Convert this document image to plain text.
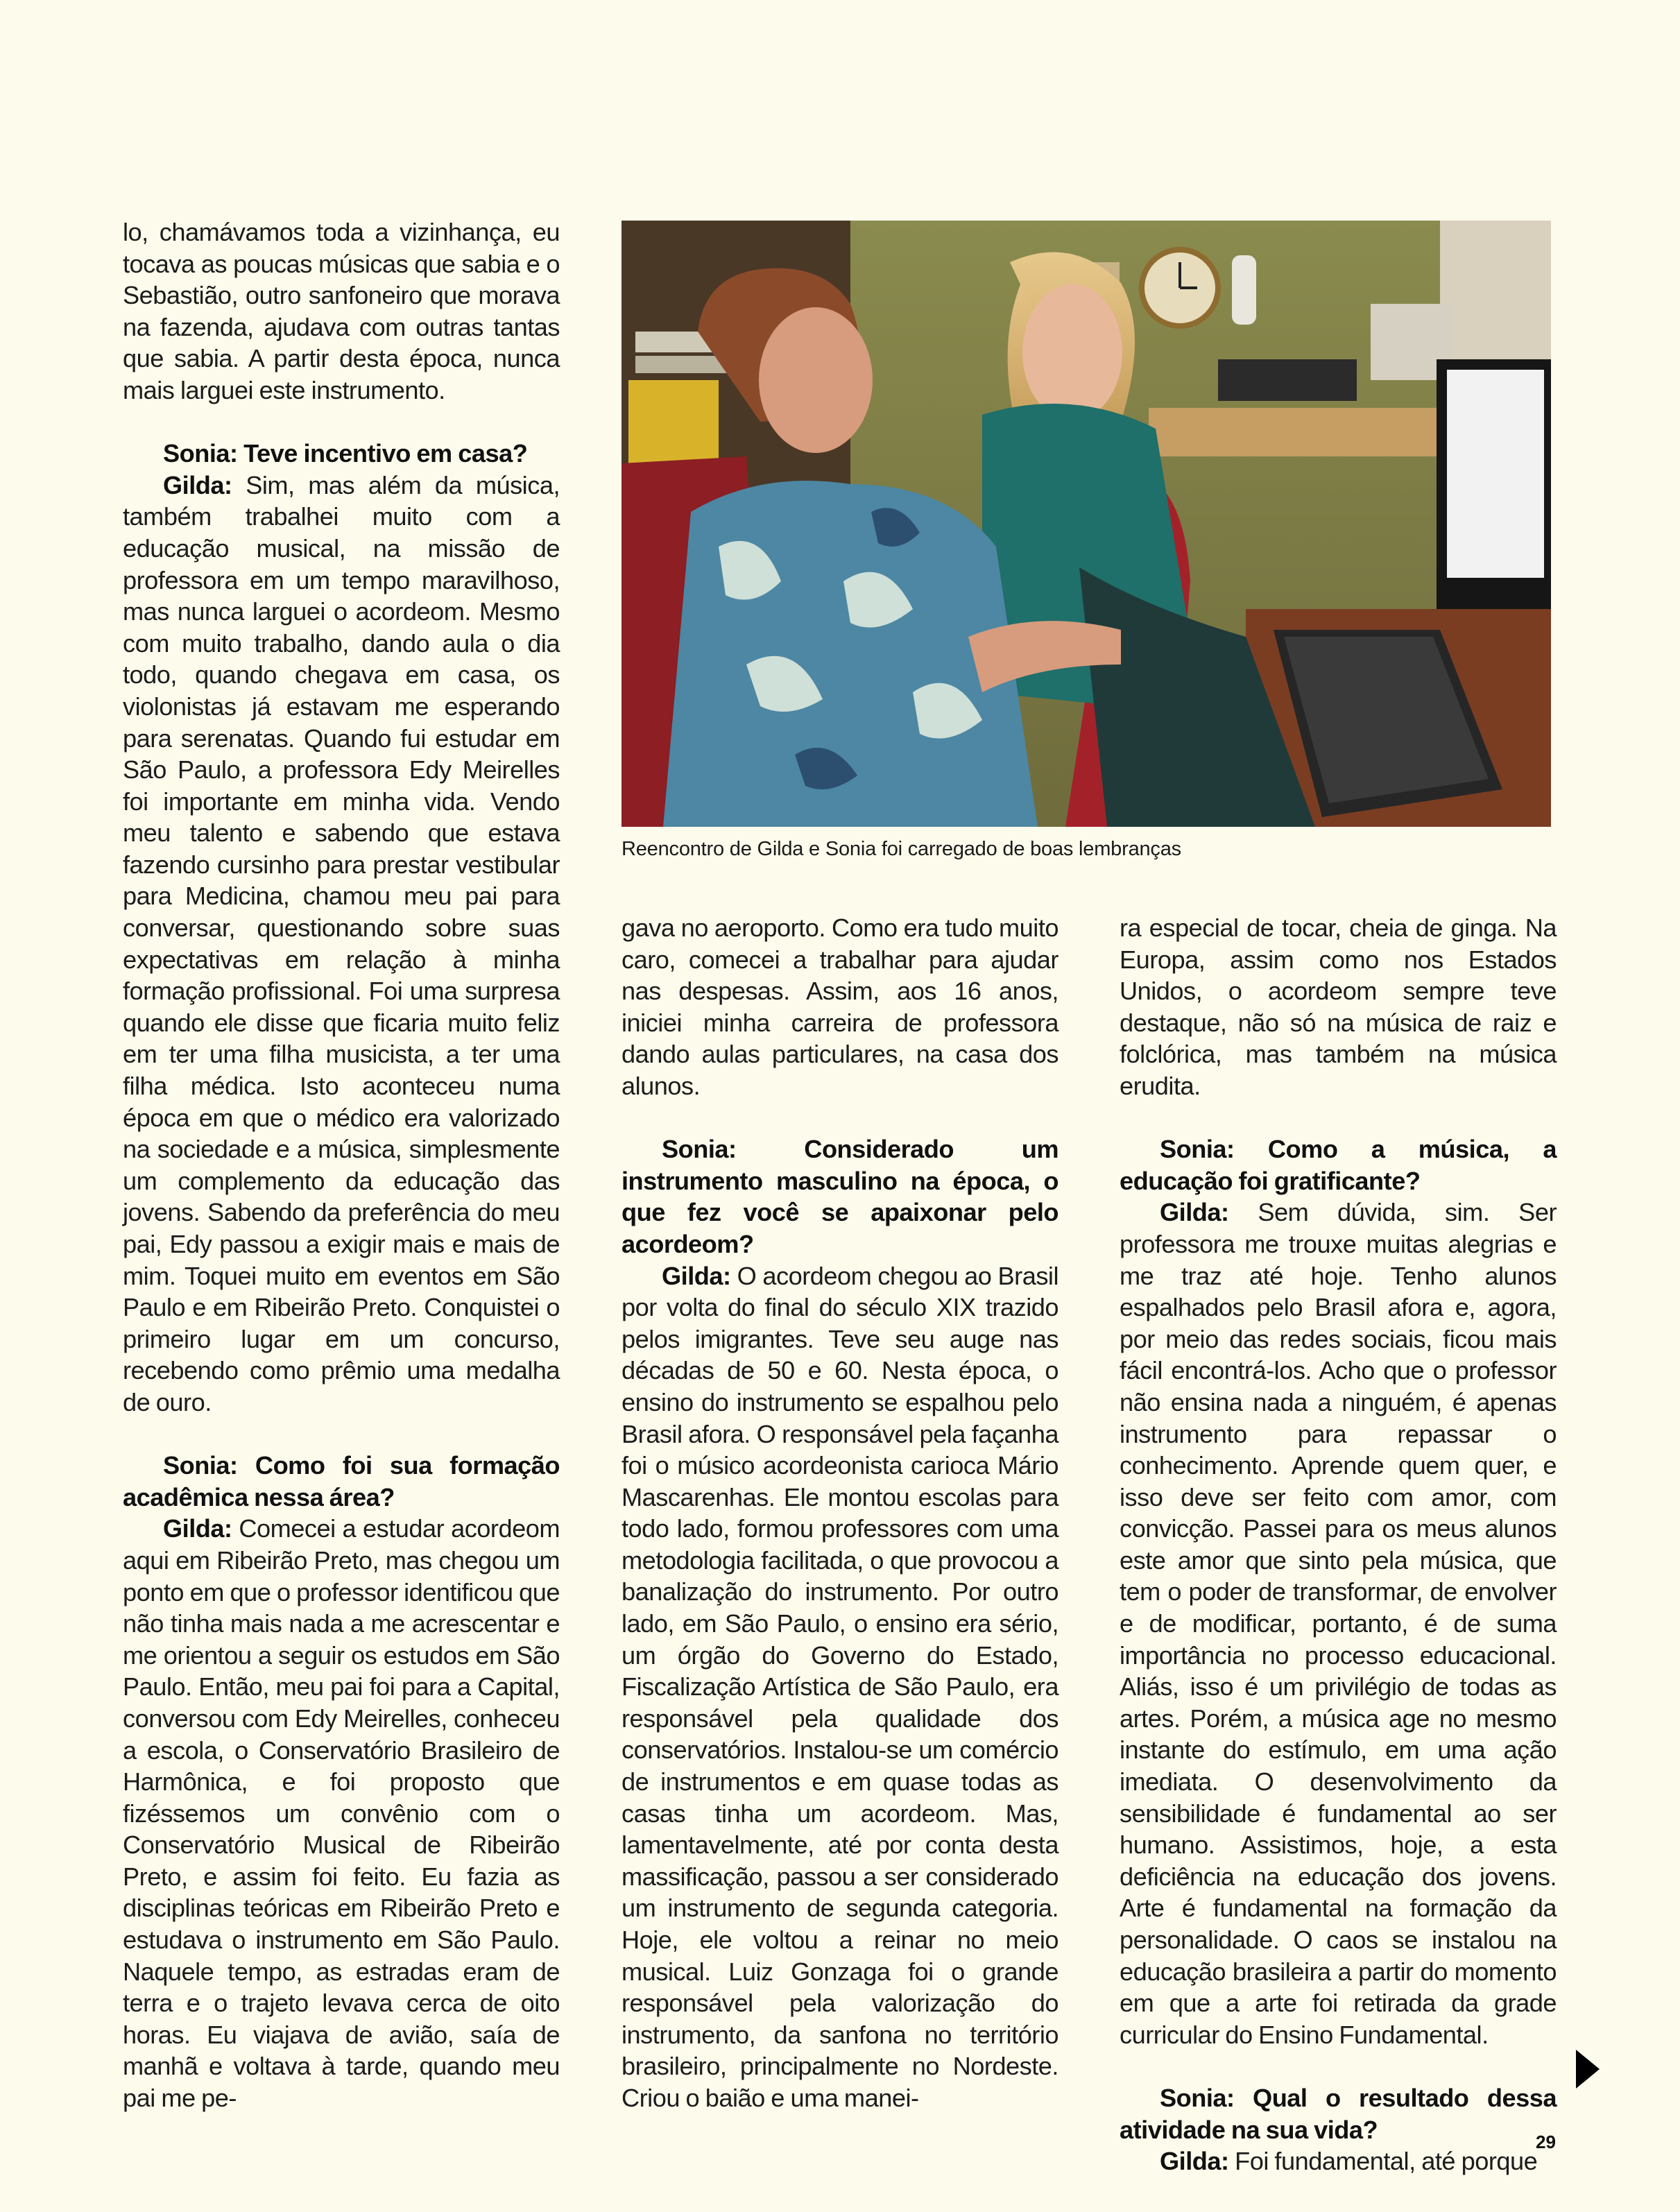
lo, chamávamos toda a vizinhança, eu tocava as poucas músicas que sabia e o Sebastião, outro sanfoneiro que morava na fazenda, ajudava com outras tantas que sabia. A partir desta época, nunca mais larguei este instrumento.

Sonia: Teve incentivo em casa?

Gilda: Sim, mas além da música, também trabalhei muito com a educação musical, na missão de professora em um tempo maravilhoso, mas nunca larguei o acordeom. Mesmo com muito trabalho, dando aula o dia todo, quando chegava em casa, os violonistas já estavam me esperando para serenatas. Quando fui estudar em São Paulo, a professora Edy Meirelles foi importante em minha vida. Vendo meu talento e sabendo que estava fazendo cursinho para prestar vestibular para Medicina, chamou meu pai para conversar, questionando sobre suas expectativas em relação à minha formação profissional. Foi uma surpresa quando ele disse que ficaria muito feliz em ter uma filha musicista, a ter uma filha médica. Isto aconteceu numa época em que o médico era valorizado na sociedade e a música, simplesmente um complemento da educação das jovens. Sabendo da preferência do meu pai, Edy passou a exigir mais e mais de mim. Toquei muito em eventos em São Paulo e em Ribeirão Preto. Conquistei o primeiro lugar em um concurso, recebendo como prêmio uma medalha de ouro.

Sonia: Como foi sua formação acadêmica nessa área?

Gilda: Comecei a estudar acordeom aqui em Ribeirão Preto, mas chegou um ponto em que o professor identificou que não tinha mais nada a me acrescentar e me orientou a seguir os estudos em São Paulo. Então, meu pai foi para a Capital, conversou com Edy Meirelles, conheceu a escola, o Conservatório Brasileiro de Harmônica, e foi proposto que fizéssemos um convênio com o Conservatório Musical de Ribeirão Preto, e assim foi feito. Eu fazia as disciplinas teóricas em Ribeirão Preto e estudava o instrumento em São Paulo. Naquele tempo, as estradas eram de terra e o trajeto levava cerca de oito horas. Eu viajava de avião, saía de manhã e voltava à tarde, quando meu pai me pe-

Reencontro de Gilda e Sonia foi carregado de boas lembranças

gava no aeroporto. Como era tudo muito caro, comecei a trabalhar para ajudar nas despesas. Assim, aos 16 anos, iniciei minha carreira de professora dando aulas particulares, na casa dos alunos.

Sonia: Considerado um instrumento masculino na época, o que fez você se apaixonar pelo acordeom?

Gilda: O acordeom chegou ao Brasil por volta do final do século XIX trazido pelos imigrantes. Teve seu auge nas décadas de 50 e 60. Nesta época, o ensino do instrumento se espalhou pelo Brasil afora. O responsável pela façanha foi o músico acordeonista carioca Mário Mascarenhas. Ele montou escolas para todo lado, formou professores com uma metodologia facilitada, o que provocou a banalização do instrumento. Por outro lado, em São Paulo, o ensino era sério, um órgão do Governo do Estado, Fiscalização Artística de São Paulo, era responsável pela qualidade dos conservatórios. Instalou-se um comércio de instrumentos e em quase todas as casas tinha um acordeom. Mas, lamentavelmente, até por conta desta massificação, passou a ser considerado um instrumento de segunda categoria. Hoje, ele voltou a reinar no meio musical. Luiz Gonzaga foi o grande responsável pela valorização do instrumento, da sanfona no território brasileiro, principalmente no Nordeste. Criou o baião e uma manei-

ra especial de tocar, cheia de ginga. Na Europa, assim como nos Estados Unidos, o acordeom sempre teve destaque, não só na música de raiz e folclórica, mas também na música erudita.

Sonia: Como a música, a educação foi gratificante?

Gilda: Sem dúvida, sim. Ser professora me trouxe muitas alegrias e me traz até hoje. Tenho alunos espalhados pelo Brasil afora e, agora, por meio das redes sociais, ficou mais fácil encontrá-los. Acho que o professor não ensina nada a ninguém, é apenas instrumento para repassar o conhecimento. Aprende quem quer, e isso deve ser feito com amor, com convicção. Passei para os meus alunos este amor que sinto pela música, que tem o poder de transformar, de envolver e de modificar, portanto, é de suma importância no processo educacional. Aliás, isso é um privilégio de todas as artes. Porém, a música age no mesmo instante do estímulo, em uma ação imediata. O desenvolvimento da sensibilidade é fundamental ao ser humano. Assistimos, hoje, a esta deficiência na educação dos jovens. Arte é fundamental na formação da personalidade. O caos se instalou na educação brasileira a partir do momento em que a arte foi retirada da grade curricular do Ensino Fundamental.

Sonia: Qual o resultado dessa atividade na sua vida?

Gilda: Foi fundamental, até porque

29
